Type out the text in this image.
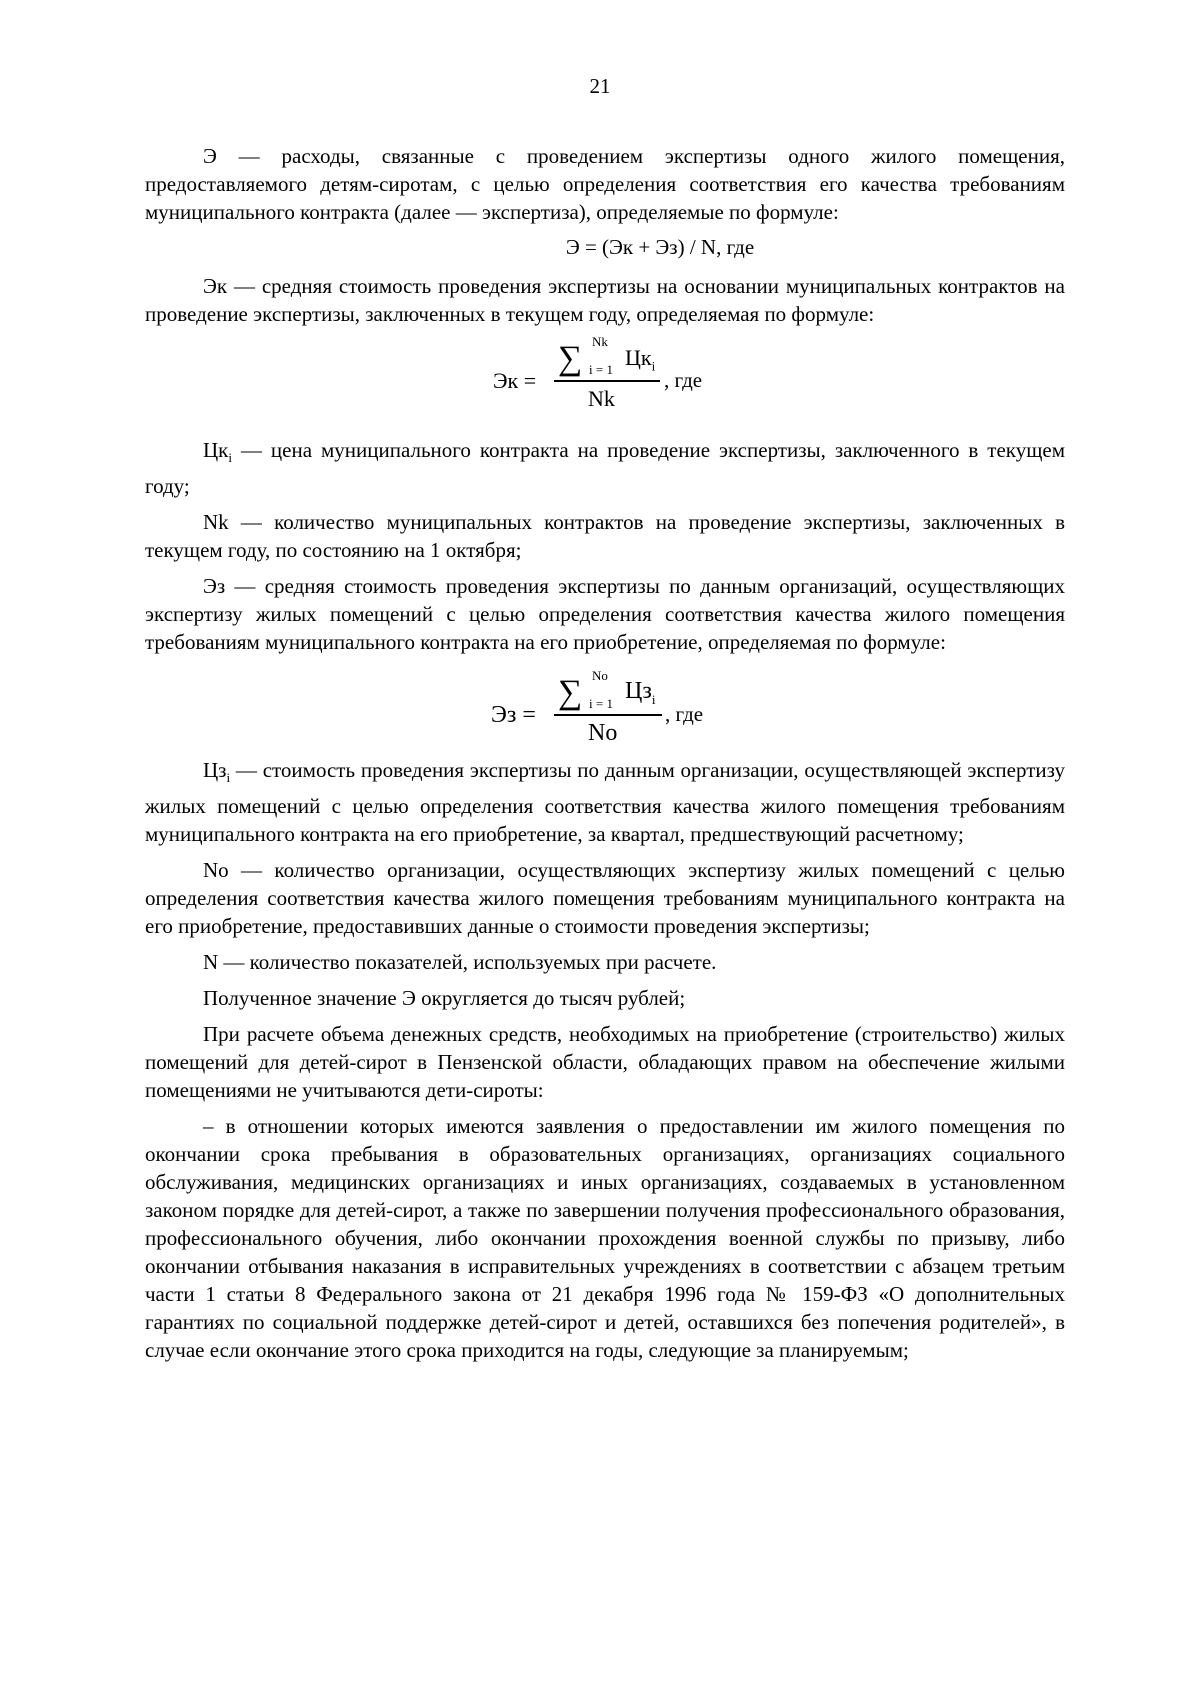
21

Э — расходы, связанные с проведением экспертизы одного жилого помещения, предоставляемого детям-сиротам, с целью определения соответствия его качества требованиям муниципального контракта (далее — экспертиза), определяемые по формуле:

Э = (Эк + Эз) / N, где

Эк — средняя стоимость проведения экспертизы на основании муниципальных контрактов на проведение экспертизы, заключенных в текущем году, определяемая по формуле:

Эк =
∑ Nk
i = 1 $Цк_i$
Nk
, где

$Цк_i$ — цена муниципального контракта на проведение экспертизы, заключенного в текущем году;

Nk — количество муниципальных контрактов на проведение экспертизы, заключенных в текущем году, по состоянию на 1 октября;

Эз — средняя стоимость проведения экспертизы по данным организаций, осуществляющих экспертизу жилых помещений с целью определения соответствия качества жилого помещения требованиям муниципального контракта на его приобретение, определяемая по формуле:

Эз =
∑ No
i = 1 $Цз_i$
No
, где

$Цз_i$ — стоимость проведения экспертизы по данным организации, осуществляющей экспертизу жилых помещений с целью определения соответствия качества жилого помещения требованиям муниципального контракта на его приобретение, за квартал, предшествующий расчетному;

No — количество организации, осуществляющих экспертизу жилых помещений с целью определения соответствия качества жилого помещения требованиям муниципального контракта на его приобретение, предоставивших данные о стоимости проведения экспертизы;

N — количество показателей, используемых при расчете.

Полученное значение Э округляется до тысяч рублей;

При расчете объема денежных средств, необходимых на приобретение (строительство) жилых помещений для детей-сирот в Пензенской области, обладающих правом на обеспечение жилыми помещениями не учитываются дети-сироты:

– в отношении которых имеются заявления о предоставлении им жилого помещения по окончании срока пребывания в образовательных организациях, организациях социального обслуживания, медицинских организациях и иных организациях, создаваемых в установленном законом порядке для детей-сирот, а также по завершении получения профессионального образования, профессионального обучения, либо окончании прохождения военной службы по призыву, либо окончании отбывания наказания в исправительных учреждениях в соответствии с абзацем третьим части 1 статьи 8 Федерального закона от 21 декабря 1996 года № 159-ФЗ «О дополнительных гарантиях по социальной поддержке детей-сирот и детей, оставшихся без попечения родителей», в случае если окончание этого срока приходится на годы, следующие за планируемым;
